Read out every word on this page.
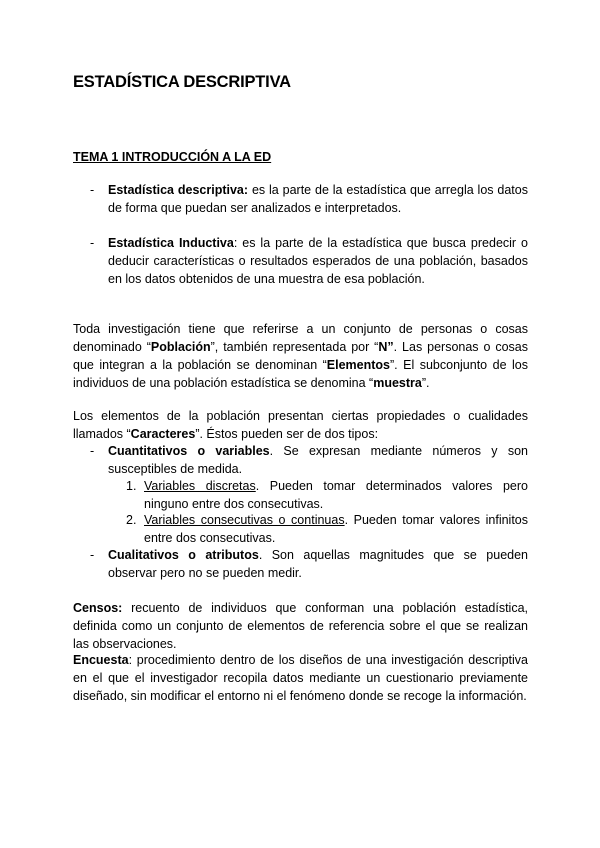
ESTADÍSTICA DESCRIPTIVA
TEMA 1 INTRODUCCIÓN A LA ED

- Estadística descriptiva: es la parte de la estadística que arregla los datos de forma que puedan ser analizados e interpretados.

- Estadística Inductiva: es la parte de la estadística que busca predecir o deducir características o resultados esperados de una población, basados en los datos obtenidos de una muestra de esa población.

Toda investigación tiene que referirse a un conjunto de personas o cosas denominado “Población”, también representada por “N”. Las personas o cosas que integran a la población se denominan “Elementos”. El subconjunto de los individuos de una población estadística se denomina “muestra”.

Los elementos de la población presentan ciertas propiedades o cualidades llamados “Caracteres”. Éstos pueden ser de dos tipos:

- Cuantitativos o variables. Se expresan mediante números y son susceptibles de medida.

1. Variables discretas. Pueden tomar determinados valores pero ninguno entre dos consecutivas.

2. Variables consecutivas o continuas. Pueden tomar valores infinitos entre dos consecutivas.

- Cualitativos o atributos. Son aquellas magnitudes que se pueden observar pero no se pueden medir.

Censos: recuento de individuos que conforman una población estadística, definida como un conjunto de elementos de referencia sobre el que se realizan las observaciones.

Encuesta: procedimiento dentro de los diseños de una investigación descriptiva en el que el investigador recopila datos mediante un cuestionario previamente diseñado, sin modificar el entorno ni el fenómeno donde se recoge la información.
